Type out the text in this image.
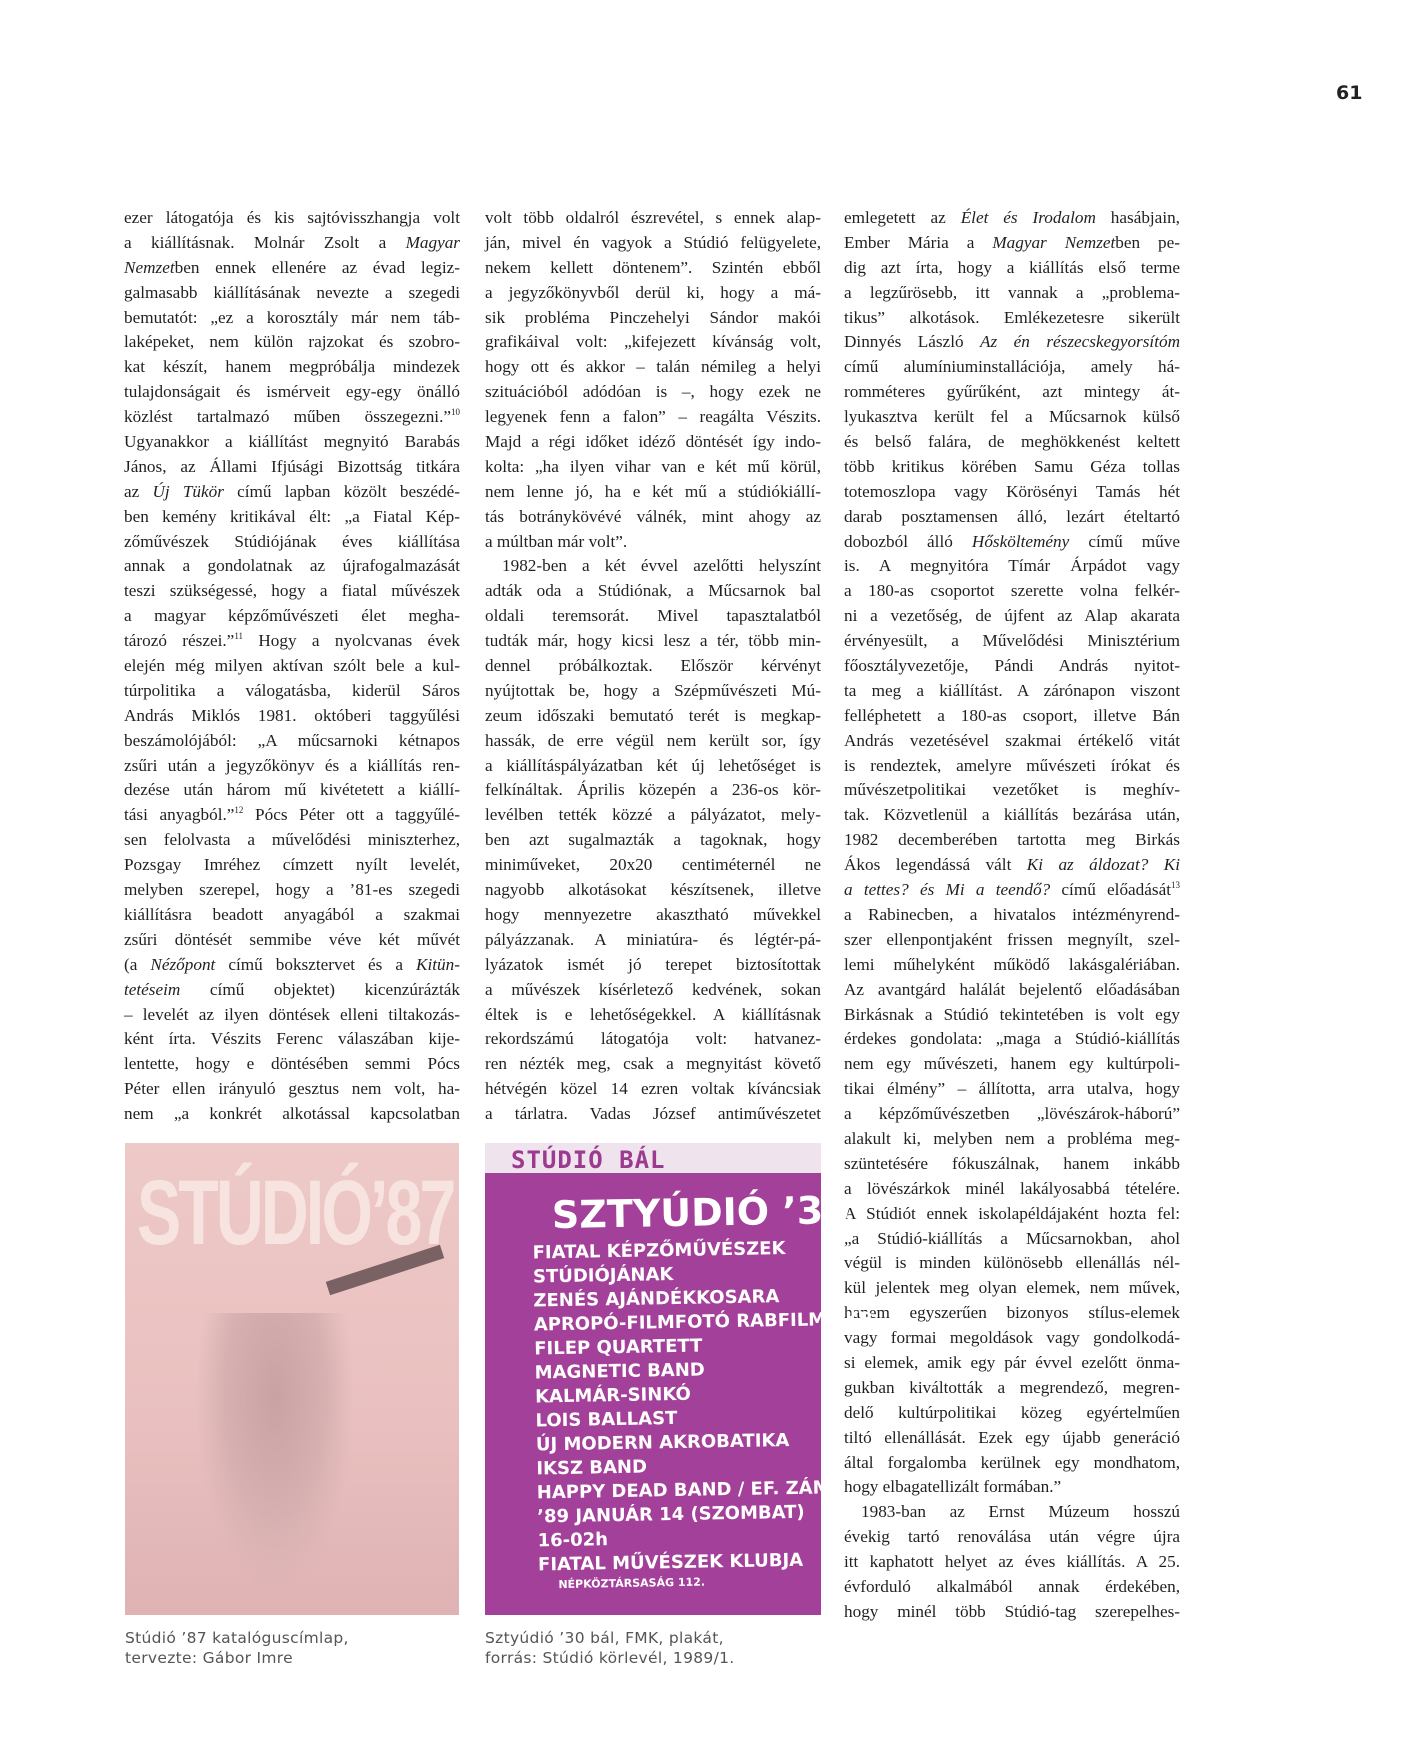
61
ezer látogatója és kis sajtóvisszhangja volt
a kiállításnak. Molnár Zsolt a Magyar
Nemzetben ennek ellenére az évad legiz-
galmasabb kiállításának nevezte a szegedi
bemutatót: „ez a korosztály már nem táb-
laképeket, nem külön rajzokat és szobro-
kat készít, hanem megpróbálja mindezek
tulajdonságait és ismérveit egy-egy önálló
közlést tartalmazó műben összegezni.”$^{10}$
Ugyanakkor a kiállítást megnyitó Barabás
János, az Állami Ifjúsági Bizottság titkára
az Új Tükör című lapban közölt beszédé-
ben kemény kritikával élt: „a Fiatal Kép-
zőművészek Stúdiójának éves kiállítása
annak a gondolatnak az újrafogalmazását
teszi szükségessé, hogy a fiatal művészek
a magyar képzőművészeti élet megha-
tározó részei.”$^{11}$ Hogy a nyolcvanas évek
elején még milyen aktívan szólt bele a kul-
túrpolitika a válogatásba, kiderül Sáros
András Miklós 1981. októberi taggyűlési
beszámolójából: „A műcsarnoki kétnapos
zsűri után a jegyzőkönyv és a kiállítás ren-
dezése után három mű kivétetett a kiállí-
tási anyagból.”$^{12}$ Pócs Péter ott a taggyűlé-
sen felolvasta a művelődési miniszterhez,
Pozsgay Imréhez címzett nyílt levelét,
melyben szerepel, hogy a ’81-es szegedi
kiállításra beadott anyagából a szakmai
zsűri döntését semmibe véve két művét
(a Nézőpont című boksztervet és a Kitün-
tetéseim című objektet) kicenzúrázták
– levelét az ilyen döntések elleni tiltakozás-
ként írta. Vészits Ferenc válaszában kije-
lentette, hogy e döntésében semmi Pócs
Péter ellen irányuló gesztus nem volt, ha-
nem „a konkrét alkotással kapcsolatban
volt több oldalról észrevétel, s ennek alap-
ján, mivel én vagyok a Stúdió felügyelete,
nekem kellett döntenem”. Szintén ebből
a jegyzőkönyvből derül ki, hogy a má-
sik probléma Pinczehelyi Sándor makói
grafikáival volt: „kifejezett kívánság volt,
hogy ott és akkor – talán némileg a helyi
szituációból adódóan is –, hogy ezek ne
legyenek fenn a falon” – reagálta Vészits.
Majd a régi időket idéző döntését így indo-
kolta: „ha ilyen vihar van e két mű körül,
nem lenne jó, ha e két mű a stúdiókiállí-
tás botránykövévé válnék, mint ahogy az
a múltban már volt”.
1982-ben a két évvel azelőtti helyszínt
adták oda a Stúdiónak, a Műcsarnok bal
oldali teremsorát. Mivel tapasztalatból
tudták már, hogy kicsi lesz a tér, több min-
dennel próbálkoztak. Először kérvényt
nyújtottak be, hogy a Szépművészeti Mú-
zeum időszaki bemutató terét is megkap-
hassák, de erre végül nem került sor, így
a kiállításpályázatban két új lehetőséget is
felkínáltak. Április közepén a 236-os kör-
levélben tették közzé a pályázatot, mely-
ben azt sugalmazták a tagoknak, hogy
miniműveket, 20x20 centiméternél ne
nagyobb alkotásokat készítsenek, illetve
hogy mennyezetre akasztható művekkel
pályázzanak. A miniatúra- és légtér-pá-
lyázatok ismét jó terepet biztosítottak
a művészek kísérletező kedvének, sokan
éltek is e lehetőségekkel. A kiállításnak
rekordszámú látogatója volt: hatvanez-
ren nézték meg, csak a megnyitást követő
hétvégén közel 14 ezren voltak kíváncsiak
a tárlatra. Vadas József antiművészetet
emlegetett az Élet és Irodalom hasábjain,
Ember Mária a Magyar Nemzetben pe-
dig azt írta, hogy a kiállítás első terme
a legzűrösebb, itt vannak a „problema-
tikus” alkotások. Emlékezetesre sikerült
Dinnyés László Az én részecskegyorsítóm
című alumíniuminstallációja, amely há-
romméteres gyűrűként, azt mintegy át-
lyukasztva került fel a Műcsarnok külső
és belső falára, de meghökkenést keltett
több kritikus körében Samu Géza tollas
totemoszlopa vagy Körösényi Tamás hét
darab posztamensen álló, lezárt ételtartó
dobozból álló Hősköltemény című műve
is. A megnyitóra Tímár Árpádot vagy
a 180-as csoportot szerette volna felkér-
ni a vezetőség, de újfent az Alap akarata
érvényesült, a Művelődési Minisztérium
főosztályvezetője, Pándi András nyitot-
ta meg a kiállítást. A zárónapon viszont
felléphetett a 180-as csoport, illetve Bán
András vezetésével szakmai értékelő vitát
is rendeztek, amelyre művészeti írókat és
művészetpolitikai vezetőket is meghív-
tak. Közvetlenül a kiállítás bezárása után,
1982 decemberében tartotta meg Birkás
Ákos legendássá vált Ki az áldozat? Ki
a tettes? és Mi a teendő? című előadását$^{13}$
a Rabinecben, a hivatalos intézményrend-
szer ellenpontjaként frissen megnyílt, szel-
lemi műhelyként működő lakásgalériában.
Az avantgárd halálát bejelentő előadásában
Birkásnak a Stúdió tekintetében is volt egy
érdekes gondolata: „maga a Stúdió-kiállítás
nem egy művészeti, hanem egy kultúrpoli-
tikai élmény” – állította, arra utalva, hogy
a képzőművészetben „lövészárok-háború”
alakult ki, melyben nem a probléma meg-
szüntetésére fókuszálnak, hanem inkább
a lövészárkok minél lakályosabbá tételére.
A Stúdiót ennek iskolapéldájaként hozta fel:
„a Stúdió-kiállítás a Műcsarnokban, ahol
végül is minden különösebb ellenállás nél-
kül jelentek meg olyan elemek, nem művek,
hanem egyszerűen bizonyos stílus-elemek
vagy formai megoldások vagy gondolkodá-
si elemek, amik egy pár évvel ezelőtt önma-
gukban kiváltották a megrendező, megren-
delő kultúrpolitikai közeg egyértelműen
tiltó ellenállását. Ezek egy újabb generáció
által forgalomba kerülnek egy mondhatom,
hogy elbagatellizált formában.”
1983-ban az Ernst Múzeum hosszú
évekig tartó renoválása után végre újra
itt kaphatott helyet az éves kiállítás. A 25.
évforduló alkalmából annak érdekében,
hogy minél több Stúdió-tag szerepelhes-
STÚDIÓ’87
Stúdió ’87 katalóguscímlap,
tervezte: Gábor Imre
STÚDIÓ BÁL
SZTYÚDIÓ ’30
FIATAL KÉPZŐMŰVÉSZEK
STÚDIÓJÁNAK
ZENÉS AJÁNDÉKKOSARA
APROPÓ-FILMFOTÓ RABFILM ZKR.
FILEP QUARTETT
MAGNETIC BAND
KALMÁR-SINKÓ
LOIS BALLAST
ÚJ MODERN AKROBATIKA
IKSZ BAND
HAPPY DEAD BAND / EF. ZÁM.
’89 JANUÁR 14 (SZOMBAT)
16-02h
FIATAL MŰVÉSZEK KLUBJA
NÉPKÖZTÁRSASÁG 112.
Sztyúdió ’30 bál, FMK, plakát,
forrás: Stúdió körlevél, 1989/1.
